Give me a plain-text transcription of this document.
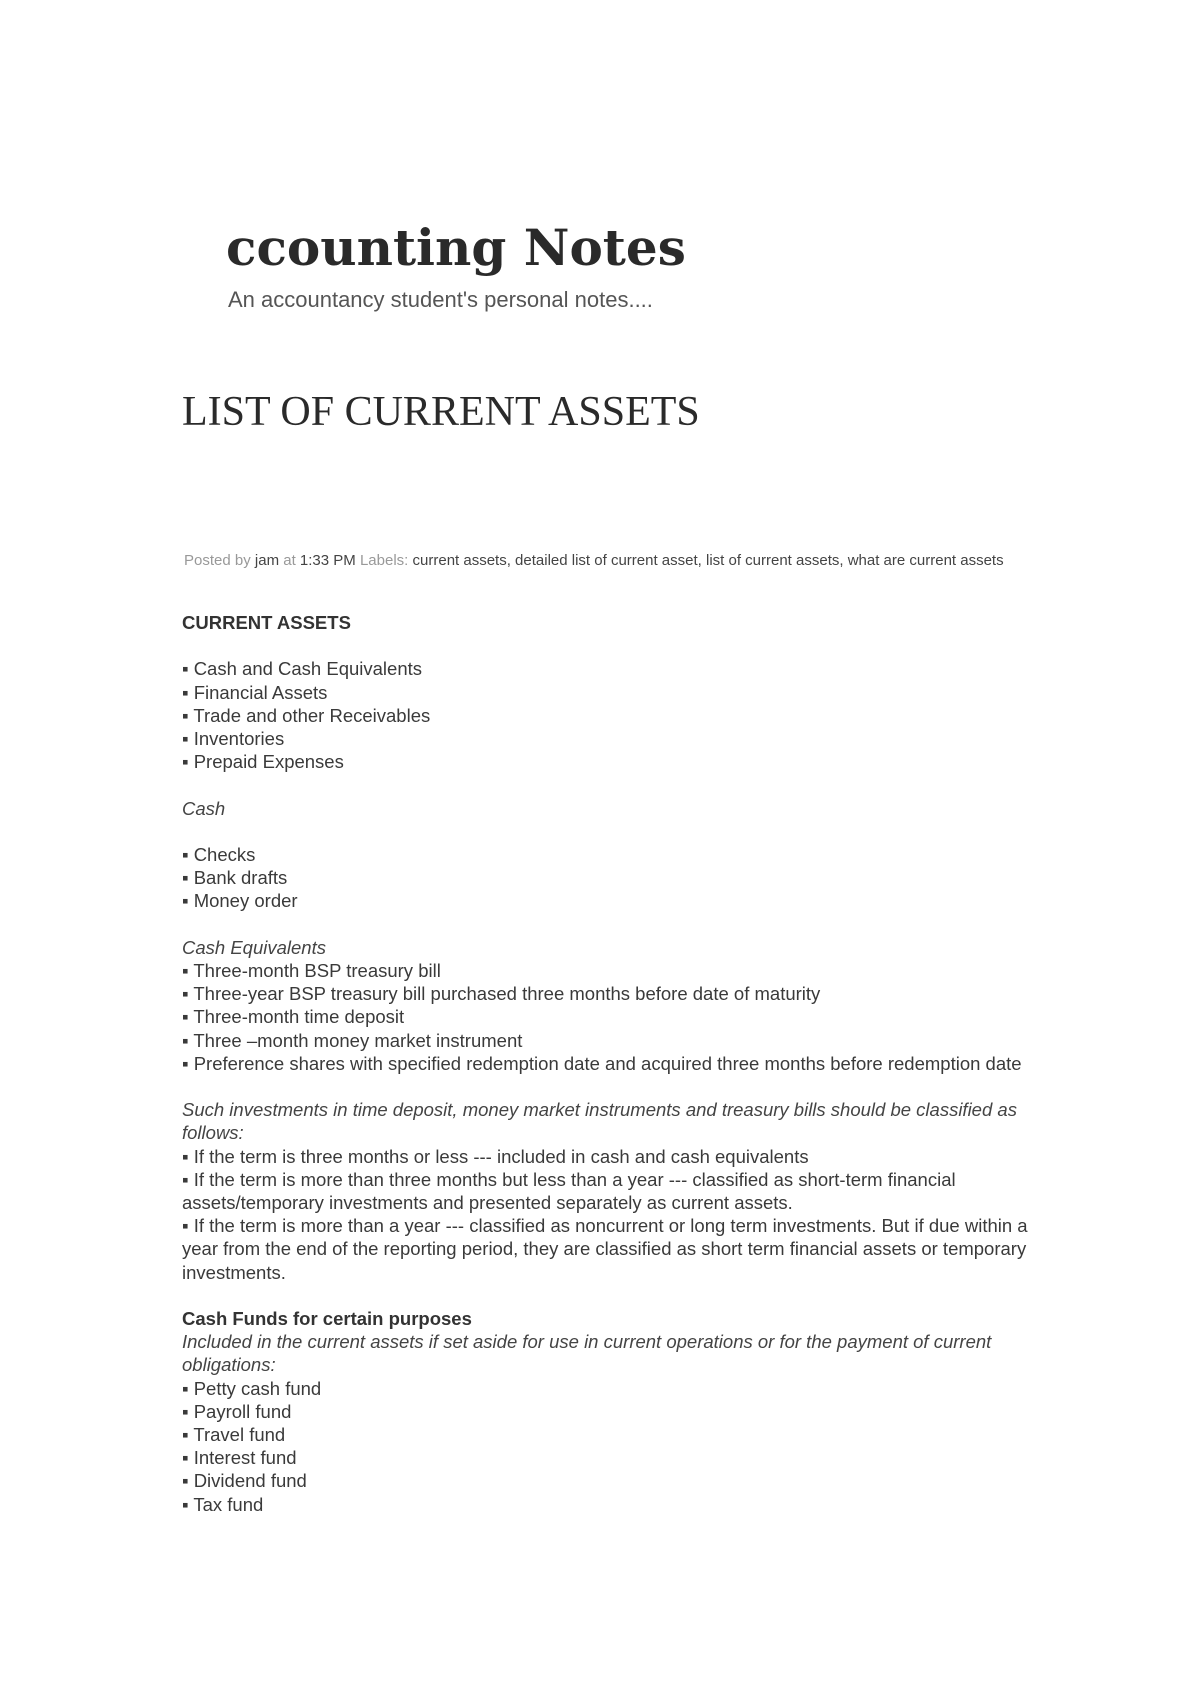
ccounting Notes

An accountancy student's personal notes....

LIST OF CURRENT ASSETS
Posted by jam at 1:33 PM Labels: current assets, detailed list of current asset, list of current assets, what are current assets

CURRENT ASSETS

▪ Cash and Cash Equivalents
▪ Financial Assets
▪ Trade and other Receivables
▪ Inventories
▪ Prepaid Expenses

Cash

▪ Checks
▪ Bank drafts
▪ Money order

Cash Equivalents

▪ Three-month BSP treasury bill
▪ Three-year BSP treasury bill purchased three months before date of maturity
▪ Three-month time deposit
▪ Three –month money market instrument
▪ Preference shares with specified redemption date and acquired three months before redemption date

Such investments in time deposit, money market instruments and treasury bills should be classified as follows:

▪ If the term is three months or less --- included in cash and cash equivalents
▪ If the term is more than three months but less than a year --- classified as short-term financial assets/temporary investments and presented separately as current assets.
▪ If the term is more than a year --- classified as noncurrent or long term investments. But if due within a year from the end of the reporting period, they are classified as short term financial assets or temporary investments.

Cash Funds for certain purposes

Included in the current assets if set aside for use in current operations or for the payment of current obligations:

▪ Petty cash fund
▪ Payroll fund
▪ Travel fund
▪ Interest fund
▪ Dividend fund
▪ Tax fund
